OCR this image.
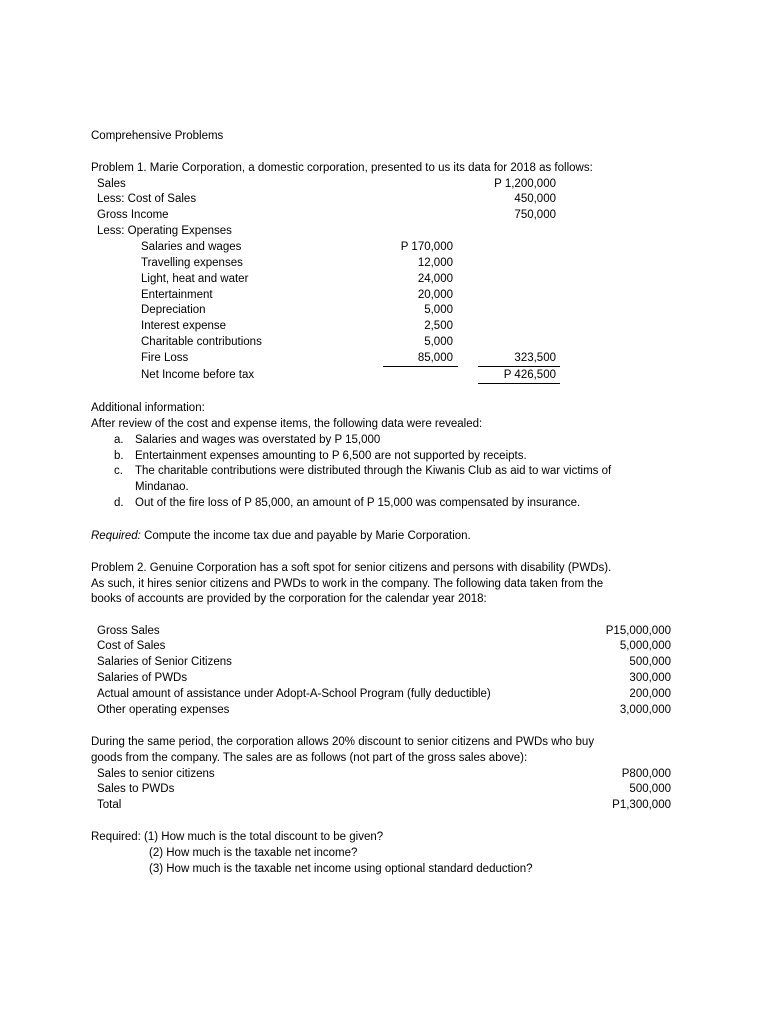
Comprehensive Problems
Problem 1. Marie Corporation, a domestic corporation, presented to us its data for 2018 as follows:
Sales	P 1,200,000
Less: Cost of Sales	450,000
Gross Income	750,000
Less: Operating Expenses
Salaries and wages	P 170,000
Travelling expenses	12,000
Light, heat and water	24,000
Entertainment	20,000
Depreciation	5,000
Interest expense	2,500
Charitable contributions	5,000
Fire Loss	85,000	323,500
Net Income before tax	P 426,500
Additional information:
After review of the cost and expense items, the following data were revealed:
a. Salaries and wages was overstated by P 15,000
b. Entertainment expenses amounting to P 6,500 are not supported by receipts.
c. The charitable contributions were distributed through the Kiwanis Club as aid to war victims of
Mindanao.
d. Out of the fire loss of P 85,000, an amount of P 15,000 was compensated by insurance.
Required: Compute the income tax due and payable by Marie Corporation.
Problem 2. Genuine Corporation has a soft spot for senior citizens and persons with disability (PWDs).
As such, it hires senior citizens and PWDs to work in the company. The following data taken from the
books of accounts are provided by the corporation for the calendar year 2018:
Gross Sales	P15,000,000
Cost of Sales	5,000,000
Salaries of Senior Citizens	500,000
Salaries of PWDs	300,000
Actual amount of assistance under Adopt-A-School Program (fully deductible)	200,000
Other operating expenses	3,000,000
During the same period, the corporation allows 20% discount to senior citizens and PWDs who buy
goods from the company. The sales are as follows (not part of the gross sales above):
Sales to senior citizens	P800,000
Sales to PWDs	500,000
Total	P1,300,000
Required: (1) How much is the total discount to be given?
(2) How much is the taxable net income?
(3) How much is the taxable net income using optional standard deduction?
